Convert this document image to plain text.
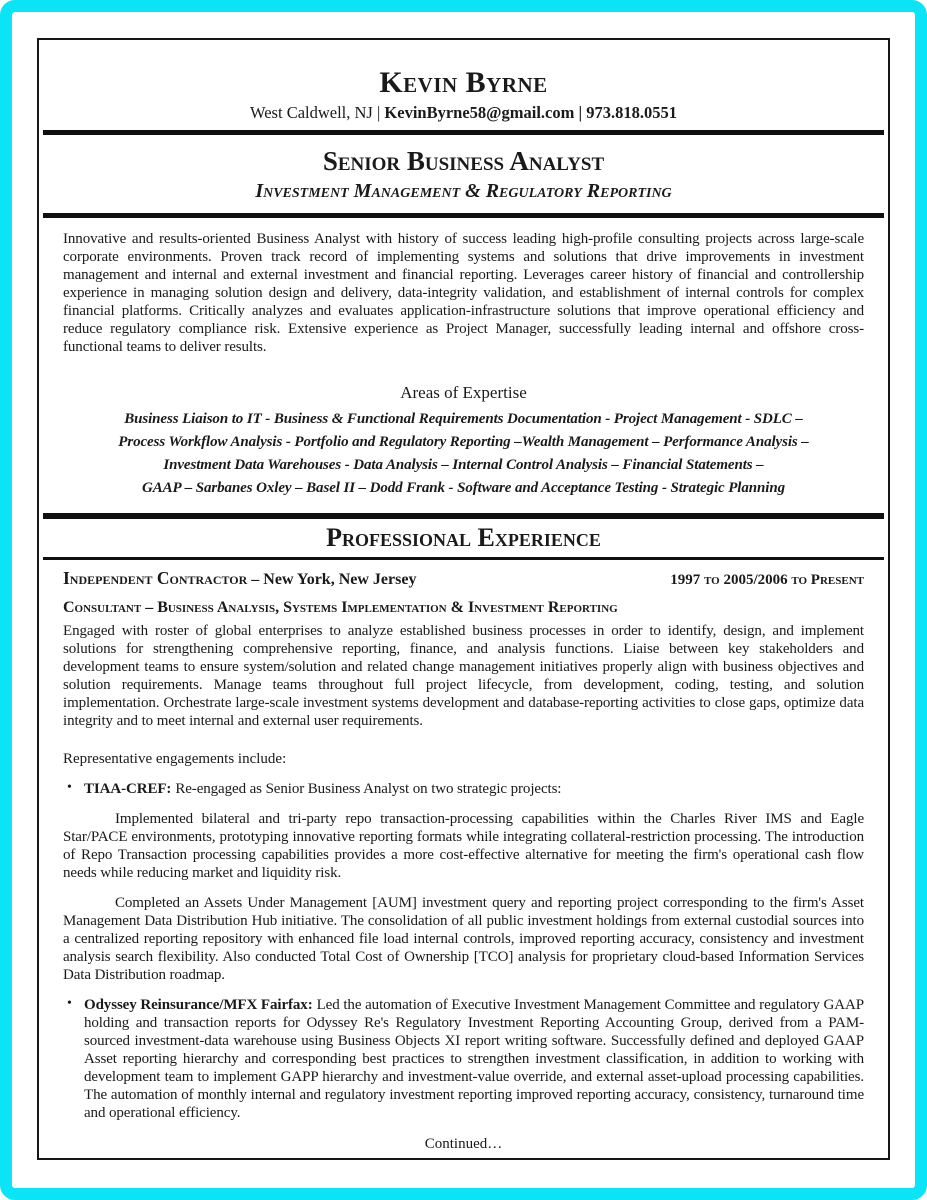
Kevin Byrne
West Caldwell, NJ | KevinByrne58@gmail.com | 973.818.0551
Senior Business Analyst
Investment Management & Regulatory Reporting
Innovative and results-oriented Business Analyst with history of success leading high-profile consulting projects across large-scale corporate environments. Proven track record of implementing systems and solutions that drive improvements in investment management and internal and external investment and financial reporting. Leverages career history of financial and controllership experience in managing solution design and delivery, data-integrity validation, and establishment of internal controls for complex financial platforms. Critically analyzes and evaluates application-infrastructure solutions that improve operational efficiency and reduce regulatory compliance risk. Extensive experience as Project Manager, successfully leading internal and offshore cross-functional teams to deliver results.
Areas of Expertise
Business Liaison to IT - Business & Functional Requirements Documentation - Project Management - SDLC –
Process Workflow Analysis - Portfolio and Regulatory Reporting –Wealth Management – Performance Analysis –
Investment Data Warehouses - Data Analysis – Internal Control Analysis – Financial Statements –
GAAP – Sarbanes Oxley – Basel II – Dodd Frank - Software and Acceptance Testing - Strategic Planning
Professional Experience
Independent Contractor – New York, New Jersey	1997 to 2005/2006 to Present
Consultant – Business Analysis, Systems Implementation & Investment Reporting
Engaged with roster of global enterprises to analyze established business processes in order to identify, design, and implement solutions for strengthening comprehensive reporting, finance, and analysis functions. Liaise between key stakeholders and development teams to ensure system/solution and related change management initiatives properly align with business objectives and solution requirements. Manage teams throughout full project lifecycle, from development, coding, testing, and solution implementation. Orchestrate large-scale investment systems development and database-reporting activities to close gaps, optimize data integrity and to meet internal and external user requirements.
Representative engagements include:
• TIAA-CREF: Re-engaged as Senior Business Analyst on two strategic projects:
Implemented bilateral and tri-party repo transaction-processing capabilities within the Charles River IMS and Eagle Star/PACE environments, prototyping innovative reporting formats while integrating collateral-restriction processing. The introduction of Repo Transaction processing capabilities provides a more cost-effective alternative for meeting the firm's operational cash flow needs while reducing market and liquidity risk.
Completed an Assets Under Management [AUM] investment query and reporting project corresponding to the firm's Asset Management Data Distribution Hub initiative. The consolidation of all public investment holdings from external custodial sources into a centralized reporting repository with enhanced file load internal controls, improved reporting accuracy, consistency and investment analysis search flexibility. Also conducted Total Cost of Ownership [TCO] analysis for proprietary cloud-based Information Services Data Distribution roadmap.
• Odyssey Reinsurance/MFX Fairfax: Led the automation of Executive Investment Management Committee and regulatory GAAP holding and transaction reports for Odyssey Re's Regulatory Investment Reporting Accounting Group, derived from a PAM-sourced investment-data warehouse using Business Objects XI report writing software. Successfully defined and deployed GAAP Asset reporting hierarchy and corresponding best practices to strengthen investment classification, in addition to working with development team to implement GAPP hierarchy and investment-value override, and external asset-upload processing capabilities. The automation of monthly internal and regulatory investment reporting improved reporting accuracy, consistency, turnaround time and operational efficiency.
Continued…
